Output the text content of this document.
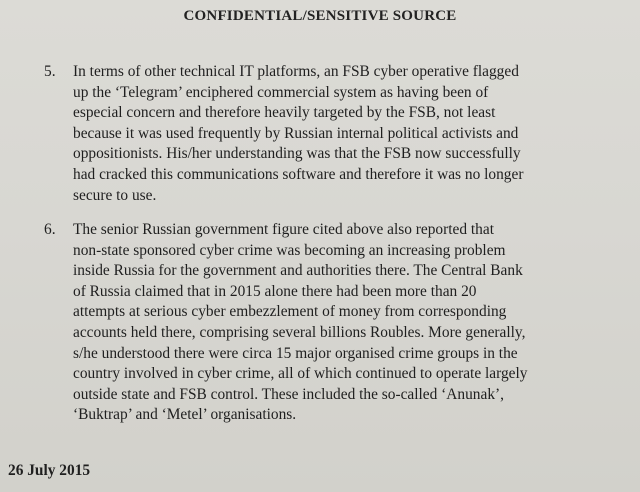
CONFIDENTIAL/SENSITIVE SOURCE
5.	In terms of other technical IT platforms, an FSB cyber operative flagged
up the ‘Telegram’ enciphered commercial system as having been of
especial concern and therefore heavily targeted by the FSB, not least
because it was used frequently by Russian internal political activists and
oppositionists. His/her understanding was that the FSB now successfully
had cracked this communications software and therefore it was no longer
secure to use.
6.	The senior Russian government figure cited above also reported that
non-state sponsored cyber crime was becoming an increasing problem
inside Russia for the government and authorities there. The Central Bank
of Russia claimed that in 2015 alone there had been more than 20
attempts at serious cyber embezzlement of money from corresponding
accounts held there, comprising several billions Roubles. More generally,
s/he understood there were circa 15 major organised crime groups in the
country involved in cyber crime, all of which continued to operate largely
outside state and FSB control. These included the so-called ‘Anunak’,
‘Buktrap’ and ‘Metel’ organisations.
26 July 2015
